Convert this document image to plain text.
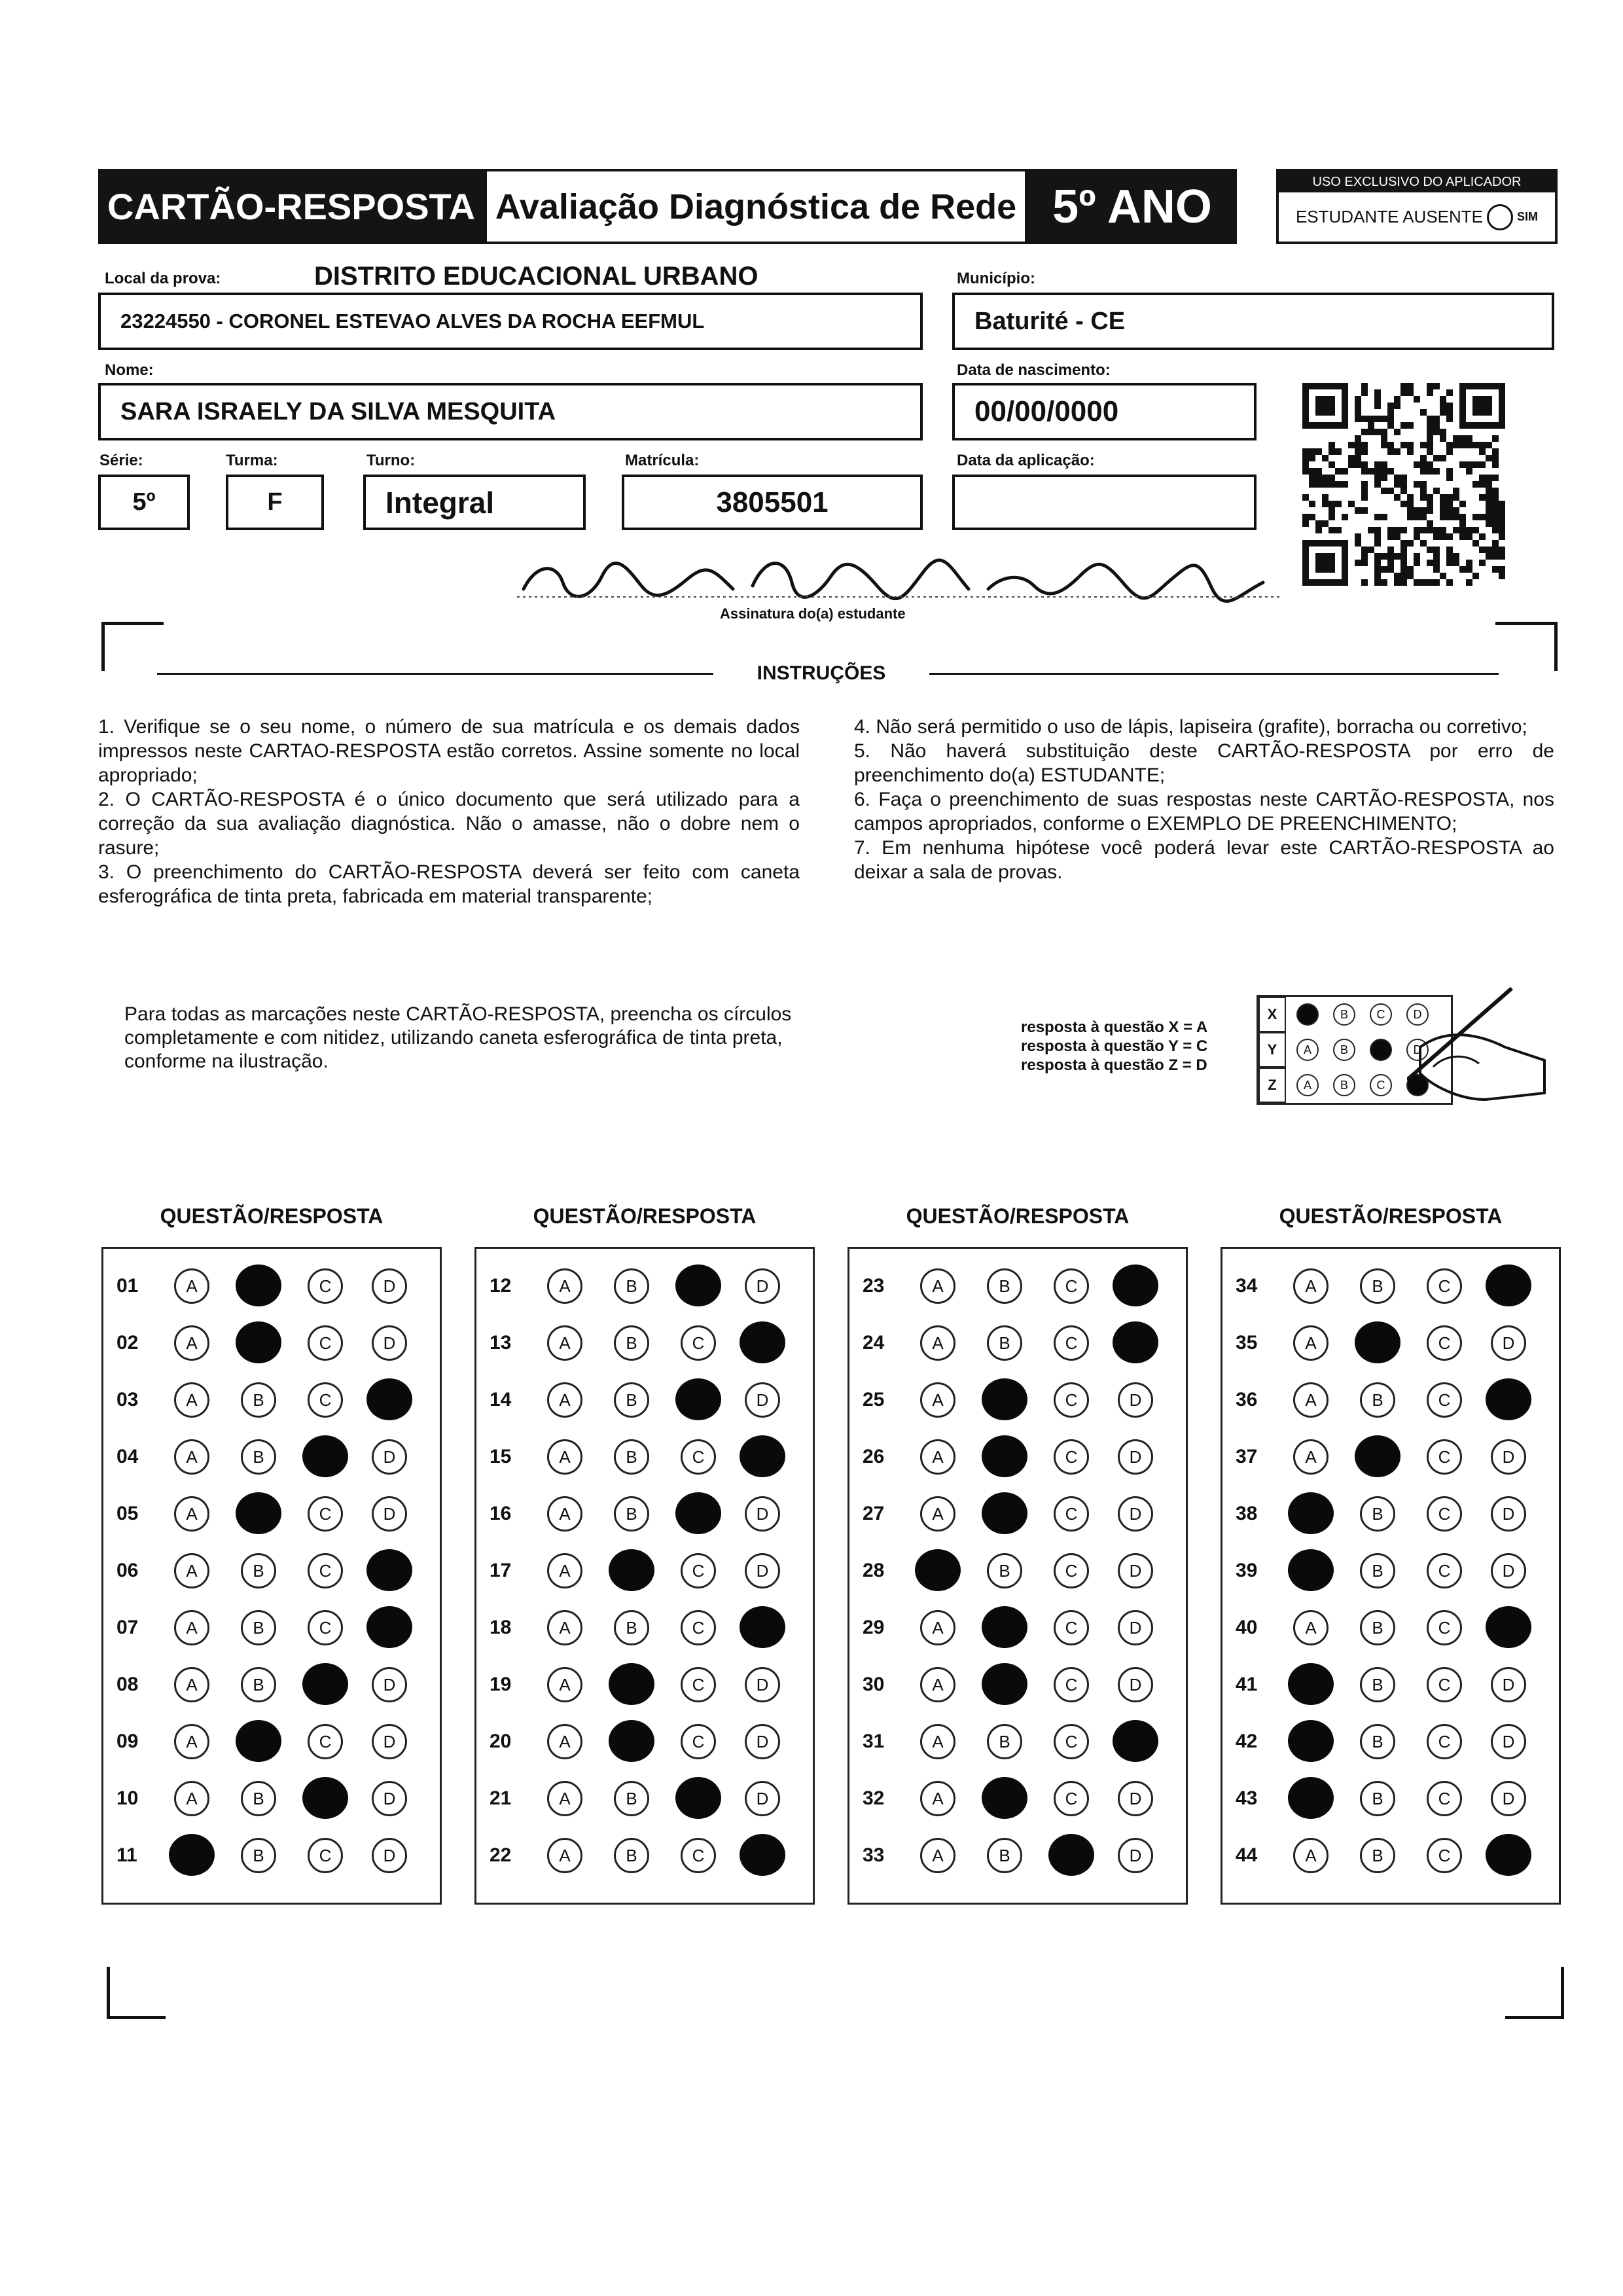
CARTÃO-RESPOSTA Avaliação Diagnóstica de Rede 5º ANO	USO EXCLUSIVO DO APLICADOR
ESTUDANTE AUSENTE	SIM
Local da prova:	DISTRITO EDUCACIONAL URBANO
23224550 - CORONEL ESTEVAO ALVES DA ROCHA EEFMUL
Município:
Baturité - CE
Nome:
SARA ISRAELY DA SILVA MESQUITA
Data de nascimento:
00/00/0000
Série:	Turma:	Turno:	Matrícula:	Data da aplicação:
5º	F	Integral	3805501
Assinatura do(a) estudante
INSTRUÇÕES

1. Verifique se o seu nome, o número de sua matrícula e os demais dados impressos neste CARTAO-RESPOSTA estão corretos. Assine somente no local apropriado;

2. O CARTÃO-RESPOSTA é o único documento que será utilizado para a correção da sua avaliação diagnóstica. Não o amasse, não o dobre nem o rasure;

3. O preenchimento do CARTÃO-RESPOSTA deverá ser feito com caneta esferográfica de tinta preta, fabricada em material transparente;

4. Não será permitido o uso de lápis, lapiseira (grafite), borracha ou corretivo;

5. Não haverá substituição deste CARTÃO-RESPOSTA por erro de preenchimento do(a) ESTUDANTE;

6. Faça o preenchimento de suas respostas neste CARTÃO-RESPOSTA, nos campos apropriados, conforme o EXEMPLO DE PREENCHIMENTO;

7. Em nenhuma hipótese você poderá levar este CARTÃO-RESPOSTA ao deixar a sala de provas.

Para todas as marcações neste CARTÃO-RESPOSTA, preencha os círculos completamente e com nitidez, utilizando caneta esferográfica de tinta preta, conforme na ilustração.
resposta à questão X = A
resposta à questão Y = C
resposta à questão Z = D
X	B	C	D
Y	A	B	D
Z	A	B	C
QUESTÃO/RESPOSTA
01	A	C	D
02	A	C	D
03	A	B	C
04	A	B	D
05	A	C	D
06	A	B	C
07	A	B	C
08	A	B	D
09	A	C	D
10	A	B	D
11	B	C	D
QUESTÃO/RESPOSTA
12	A	B	D
13	A	B	C
14	A	B	D
15	A	B	C
16	A	B	D
17	A	C	D
18	A	B	C
19	A	C	D
20	A	C	D
21	A	B	D
22	A	B	C
QUESTÃO/RESPOSTA
23	A	B	C
24	A	B	C
25	A	C	D
26	A	C	D
27	A	C	D
28	B	C	D
29	A	C	D
30	A	C	D
31	A	B	C
32	A	C	D
33	A	B	D
QUESTÃO/RESPOSTA
34	A	B	C
35	A	C	D
36	A	B	C
37	A	C	D
38	B	C	D
39	B	C	D
40	A	B	C
41	B	C	D
42	B	C	D
43	B	C	D
44	A	B	C
